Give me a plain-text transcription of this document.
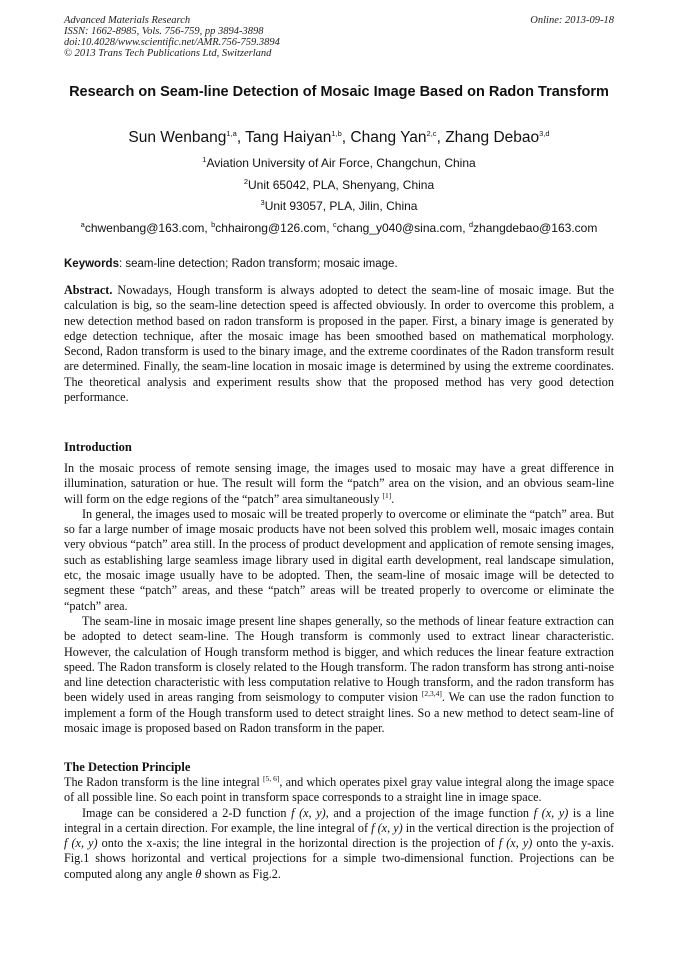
Advanced Materials Research
ISSN: 1662-8985, Vols. 756-759, pp 3894-3898
doi:10.4028/www.scientific.net/AMR.756-759.3894
© 2013 Trans Tech Publications Ltd, Switzerland
Online: 2013-09-18
Research on Seam-line Detection of Mosaic Image Based on Radon Transform
Sun Wenbang$^{1,a}$, Tang Haiyan$^{1,b}$, Chang Yan$^{2,c}$, Zhang Debao$^{3,d}$
$^1$Aviation University of Air Force, Changchun, China
$^2$Unit 65042, PLA, Shenyang, China
$^3$Unit 93057, PLA, Jilin, China
$^a$chwenbang@163.com, $^b$chhairong@126.com, $^c$chang_y040@sina.com, $^d$zhangdebao@163.com
Keywords: seam-line detection; Radon transform; mosaic image.

Abstract. Nowadays, Hough transform is always adopted to detect the seam-line of mosaic image. But the calculation is big, so the seam-line detection speed is affected obviously. In order to overcome this problem, a new detection method based on radon transform is proposed in the paper. First, a binary image is generated by edge detection technique, after the mosaic image has been smoothed based on mathematical morphology. Second, Radon transform is used to the binary image, and the extreme coordinates of the Radon transform result are determined. Finally, the seam-line location in mosaic image is determined by using the extreme coordinates. The theoretical analysis and experiment results show that the proposed method has very good detection performance.

Introduction

In the mosaic process of remote sensing image, the images used to mosaic may have a great difference in illumination, saturation or hue. The result will form the “patch” area on the vision, and an obvious seam-line will form on the edge regions of the “patch” area simultaneously [1].

In general, the images used to mosaic will be treated properly to overcome or eliminate the “patch” area. But so far a large number of image mosaic products have not been solved this problem well, mosaic images contain very obvious “patch” area still. In the process of product development and application of remote sensing images, such as establishing large seamless image library used in digital earth development, real landscape simulation, etc, the mosaic image usually have to be adopted. Then, the seam-line of mosaic image will be detected to segment these “patch” areas, and these “patch” areas will be treated properly to overcome or eliminate the “patch” area.

The seam-line in mosaic image present line shapes generally, so the methods of linear feature extraction can be adopted to detect seam-line. The Hough transform is commonly used to extract linear characteristic. However, the calculation of Hough transform method is bigger, and which reduces the linear feature extraction speed. The Radon transform is closely related to the Hough transform. The radon transform has strong anti-noise and line detection characteristic with less computation relative to Hough transform, and the radon transform has been widely used in areas ranging from seismology to computer vision [2,3,4]. We can use the radon function to implement a form of the Hough transform used to detect straight lines. So a new method to detect seam-line of mosaic image is proposed based on Radon transform in the paper.

The Detection Principle

The Radon transform is the line integral [5, 6], and which operates pixel gray value integral along the image space of all possible line. So each point in transform space corresponds to a straight line in image space.

Image can be considered a 2-D function f (x, y), and a projection of the image function f (x, y) is a line integral in a certain direction. For example, the line integral of f (x, y) in the vertical direction is the projection of f (x, y) onto the x-axis; the line integral in the horizontal direction is the projection of f (x, y) onto the y-axis. Fig.1 shows horizontal and vertical projections for a simple two-dimensional function. Projections can be computed along any angle θ shown as Fig.2.
